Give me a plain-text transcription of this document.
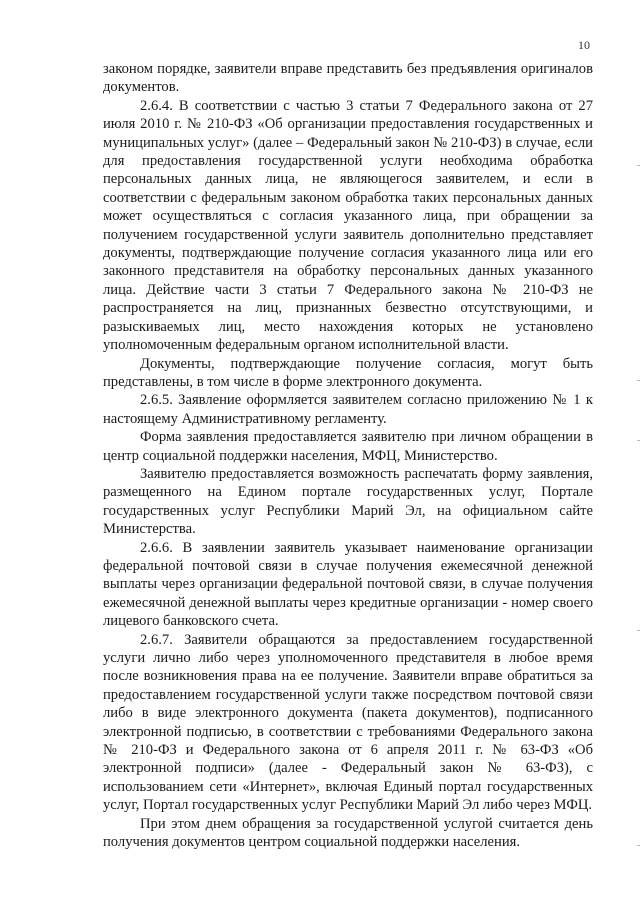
10

законом порядке, заявители вправе представить без предъявления оригиналов документов.

2.6.4. В соответствии с частью 3 статьи 7 Федерального закона от 27 июля 2010 г. № 210-ФЗ «Об организации предоставления государственных и муниципальных услуг» (далее – Федеральный закон № 210-ФЗ) в случае, если для предоставления государственной услуги необходима обработка персональных данных лица, не являющегося заявителем, и если в соответствии с федеральным законом обработка таких персональных данных может осуществляться с согласия указанного лица, при обращении за получением государственной услуги заявитель дополнительно представляет документы, подтверждающие получение согласия указанного лица или его законного представителя на обработку персональных данных указанного лица. Действие части 3 статьи 7 Федерального закона № 210-ФЗ не распространяется на лиц, признанных безвестно отсутствующими, и разыскиваемых лиц, место нахождения которых не установлено уполномоченным федеральным органом исполнительной власти.

Документы, подтверждающие получение согласия, могут быть представлены, в том числе в форме электронного документа.

2.6.5. Заявление оформляется заявителем согласно приложению № 1 к настоящему Административному регламенту.

Форма заявления предоставляется заявителю при личном обращении в центр социальной поддержки населения, МФЦ, Министерство.

Заявителю предоставляется возможность распечатать форму заявления, размещенного на Едином портале государственных услуг, Портале государственных услуг Республики Марий Эл, на официальном сайте Министерства.

2.6.6. В заявлении заявитель указывает наименование организации федеральной почтовой связи в случае получения ежемесячной денежной выплаты через организации федеральной почтовой связи, в случае получения ежемесячной денежной выплаты через кредитные организации - номер своего лицевого банковского счета.

2.6.7. Заявители обращаются за предоставлением государственной услуги лично либо через уполномоченного представителя в любое время после возникновения права на ее получение. Заявители вправе обратиться за предоставлением государственной услуги также посредством почтовой связи либо в виде электронного документа (пакета документов), подписанного электронной подписью, в соответствии с требованиями Федерального закона № 210-ФЗ и Федерального закона от 6 апреля 2011 г. № 63-ФЗ «Об электронной подписи» (далее - Федеральный закон № 63-ФЗ), с использованием сети «Интернет», включая Единый портал государственных услуг, Портал государственных услуг Республики Марий Эл либо через МФЦ.

При этом днем обращения за государственной услугой считается день получения документов центром социальной поддержки населения.
